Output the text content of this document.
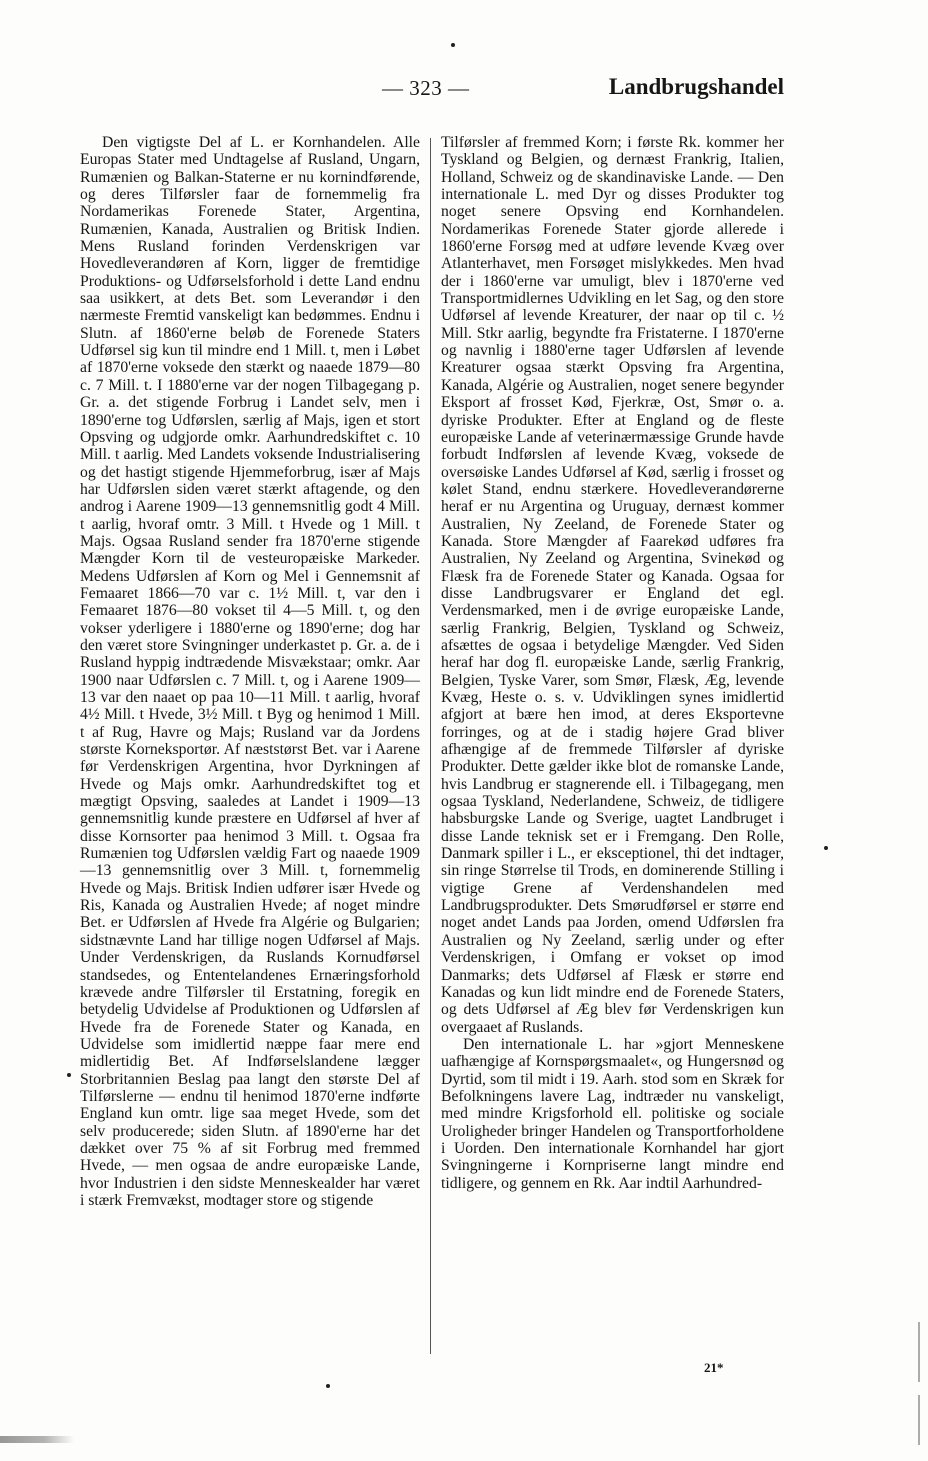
— 323 —	Landbrugshandel

Den vigtigste Del af L. er Kornhandelen. Alle Europas Stater med Undtagelse af Rusland, Ungarn, Rumænien og Balkan-Staterne er nu kornindførende, og deres Tilførsler faar de fornemmelig fra Nordamerikas Forenede Stater, Argentina, Rumænien, Kanada, Australien og Britisk Indien. Mens Rusland forinden Verdenskrigen var Hovedleverandøren af Korn, ligger de fremtidige Produktions- og Udførselsforhold i dette Land endnu saa usikkert, at dets Bet. som Leverandør i den nærmeste Fremtid vanskeligt kan bedømmes. Endnu i Slutn. af 1860'erne beløb de Forenede Staters Udførsel sig kun til mindre end 1 Mill. t, men i Løbet af 1870'erne voksede den stærkt og naaede 1879—80 c. 7 Mill. t. I 1880'erne var der nogen Tilbagegang p. Gr. a. det stigende Forbrug i Landet selv, men i 1890'erne tog Udførslen, særlig af Majs, igen et stort Opsving og udgjorde omkr. Aarhundredskiftet c. 10 Mill. t aarlig. Med Landets voksende Industrialisering og det hastigt stigende Hjemmeforbrug, især af Majs har Udførslen siden været stærkt aftagende, og den androg i Aarene 1909—13 gennemsnitlig godt 4 Mill. t aarlig, hvoraf omtr. 3 Mill. t Hvede og 1 Mill. t Majs. Ogsaa Rusland sender fra 1870'erne stigende Mængder Korn til de vesteuropæiske Markeder. Medens Udførslen af Korn og Mel i Gennemsnit af Femaaret 1866—70 var c. 1½ Mill. t, var den i Femaaret 1876—80 vokset til 4—5 Mill. t, og den vokser yderligere i 1880'erne og 1890'erne; dog har den været store Svingninger underkastet p. Gr. a. de i Rusland hyppig indtrædende Misvækstaar; omkr. Aar 1900 naar Udførslen c. 7 Mill. t, og i Aarene 1909—13 var den naaet op paa 10—11 Mill. t aarlig, hvoraf 4½ Mill. t Hvede, 3½ Mill. t Byg og henimod 1 Mill. t af Rug, Havre og Majs; Rusland var da Jordens største Korneksportør. Af næststørst Bet. var i Aarene før Verdenskrigen Argentina, hvor Dyrkningen af Hvede og Majs omkr. Aarhundredskiftet tog et mægtigt Opsving, saaledes at Landet i 1909—13 gennemsnitlig kunde præstere en Udførsel af hver af disse Kornsorter paa henimod 3 Mill. t. Ogsaa fra Rumænien tog Udførslen vældig Fart og naaede 1909—13 gennemsnitlig over 3 Mill. t, fornemmelig Hvede og Majs. Britisk Indien udfører især Hvede og Ris, Kanada og Australien Hvede; af noget mindre Bet. er Udførslen af Hvede fra Algérie og Bulgarien; sidstnævnte Land har tillige nogen Udførsel af Majs. Under Verdenskrigen, da Ruslands Kornudførsel standsedes, og Ententelandenes Ernæringsforhold krævede andre Tilførsler til Erstatning, foregik en betydelig Udvidelse af Produktionen og Udførslen af Hvede fra de Forenede Stater og Kanada, en Udvidelse som imidlertid næppe faar mere end midlertidig Bet. Af Indførselslandene lægger Storbritannien Beslag paa langt den største Del af Tilførslerne — endnu til henimod 1870'erne indførte England kun omtr. lige saa meget Hvede, som det selv producerede; siden Slutn. af 1890'erne har det dækket over 75 % af sit Forbrug med fremmed Hvede, — men ogsaa de andre europæiske Lande, hvor Industrien i den sidste Menneskealder har været i stærk Fremvækst, modtager store og stigende

Tilførsler af fremmed Korn; i første Rk. kommer her Tyskland og Belgien, og dernæst Frankrig, Italien, Holland, Schweiz og de skandinaviske Lande. — Den internationale L. med Dyr og disses Produkter tog noget senere Opsving end Kornhandelen. Nordamerikas Forenede Stater gjorde allerede i 1860'erne Forsøg med at udføre levende Kvæg over Atlanterhavet, men Forsøget mislykkedes. Men hvad der i 1860'erne var umuligt, blev i 1870'erne ved Transportmidlernes Udvikling en let Sag, og den store Udførsel af levende Kreaturer, der naar op til c. ½ Mill. Stkr aarlig, begyndte fra Fristaterne. I 1870'erne og navnlig i 1880'erne tager Udførslen af levende Kreaturer ogsaa stærkt Opsving fra Argentina, Kanada, Algérie og Australien, noget senere begynder Eksport af frosset Kød, Fjerkræ, Ost, Smør o. a. dyriske Produkter. Efter at England og de fleste europæiske Lande af veterinærmæssige Grunde havde forbudt Indførslen af levende Kvæg, voksede de oversøiske Landes Udførsel af Kød, særlig i frosset og kølet Stand, endnu stærkere. Hovedleverandørerne heraf er nu Argentina og Uruguay, dernæst kommer Australien, Ny Zeeland, de Forenede Stater og Kanada. Store Mængder af Faarekød udføres fra Australien, Ny Zeeland og Argentina, Svinekød og Flæsk fra de Forenede Stater og Kanada. Ogsaa for disse Landbrugsvarer er England det egl. Verdensmarked, men i de øvrige europæiske Lande, særlig Frankrig, Belgien, Tyskland og Schweiz, afsættes de ogsaa i betydelige Mængder. Ved Siden heraf har dog fl. europæiske Lande, særlig Frankrig, Belgien, Tyske Varer, som Smør, Flæsk, Æg, levende Kvæg, Heste o. s. v. Udviklingen synes imidlertid afgjort at bære hen imod, at deres Eksportevne forringes, og at de i stadig højere Grad bliver afhængige af de fremmede Tilførsler af dyriske Produkter. Dette gælder ikke blot de romanske Lande, hvis Landbrug er stagnerende ell. i Tilbagegang, men ogsaa Tyskland, Nederlandene, Schweiz, de tidligere habsburgske Lande og Sverige, uagtet Landbruget i disse Lande teknisk set er i Fremgang. Den Rolle, Danmark spiller i L., er eksceptionel, thi det indtager, sin ringe Størrelse til Trods, en dominerende Stilling i vigtige Grene af Verdenshandelen med Landbrugsprodukter. Dets Smørudførsel er større end noget andet Lands paa Jorden, omend Udførslen fra Australien og Ny Zeeland, særlig under og efter Verdenskrigen, i Omfang er vokset op imod Danmarks; dets Udførsel af Flæsk er større end Kanadas og kun lidt mindre end de Forenede Staters, og dets Udførsel af Æg blev før Verdenskrigen kun overgaaet af Ruslands.

Den internationale L. har »gjort Menneskene uafhængige af Kornspørgsmaalet«, og Hungersnød og Dyrtid, som til midt i 19. Aarh. stod som en Skræk for Befolkningens lavere Lag, indtræder nu vanskeligt, med mindre Krigsforhold ell. politiske og sociale Uroligheder bringer Handelen og Transportforholdene i Uorden. Den internationale Kornhandel har gjort Svingningerne i Kornpriserne langt mindre end tidligere, og gennem en Rk. Aar indtil Aarhundred-

21*
